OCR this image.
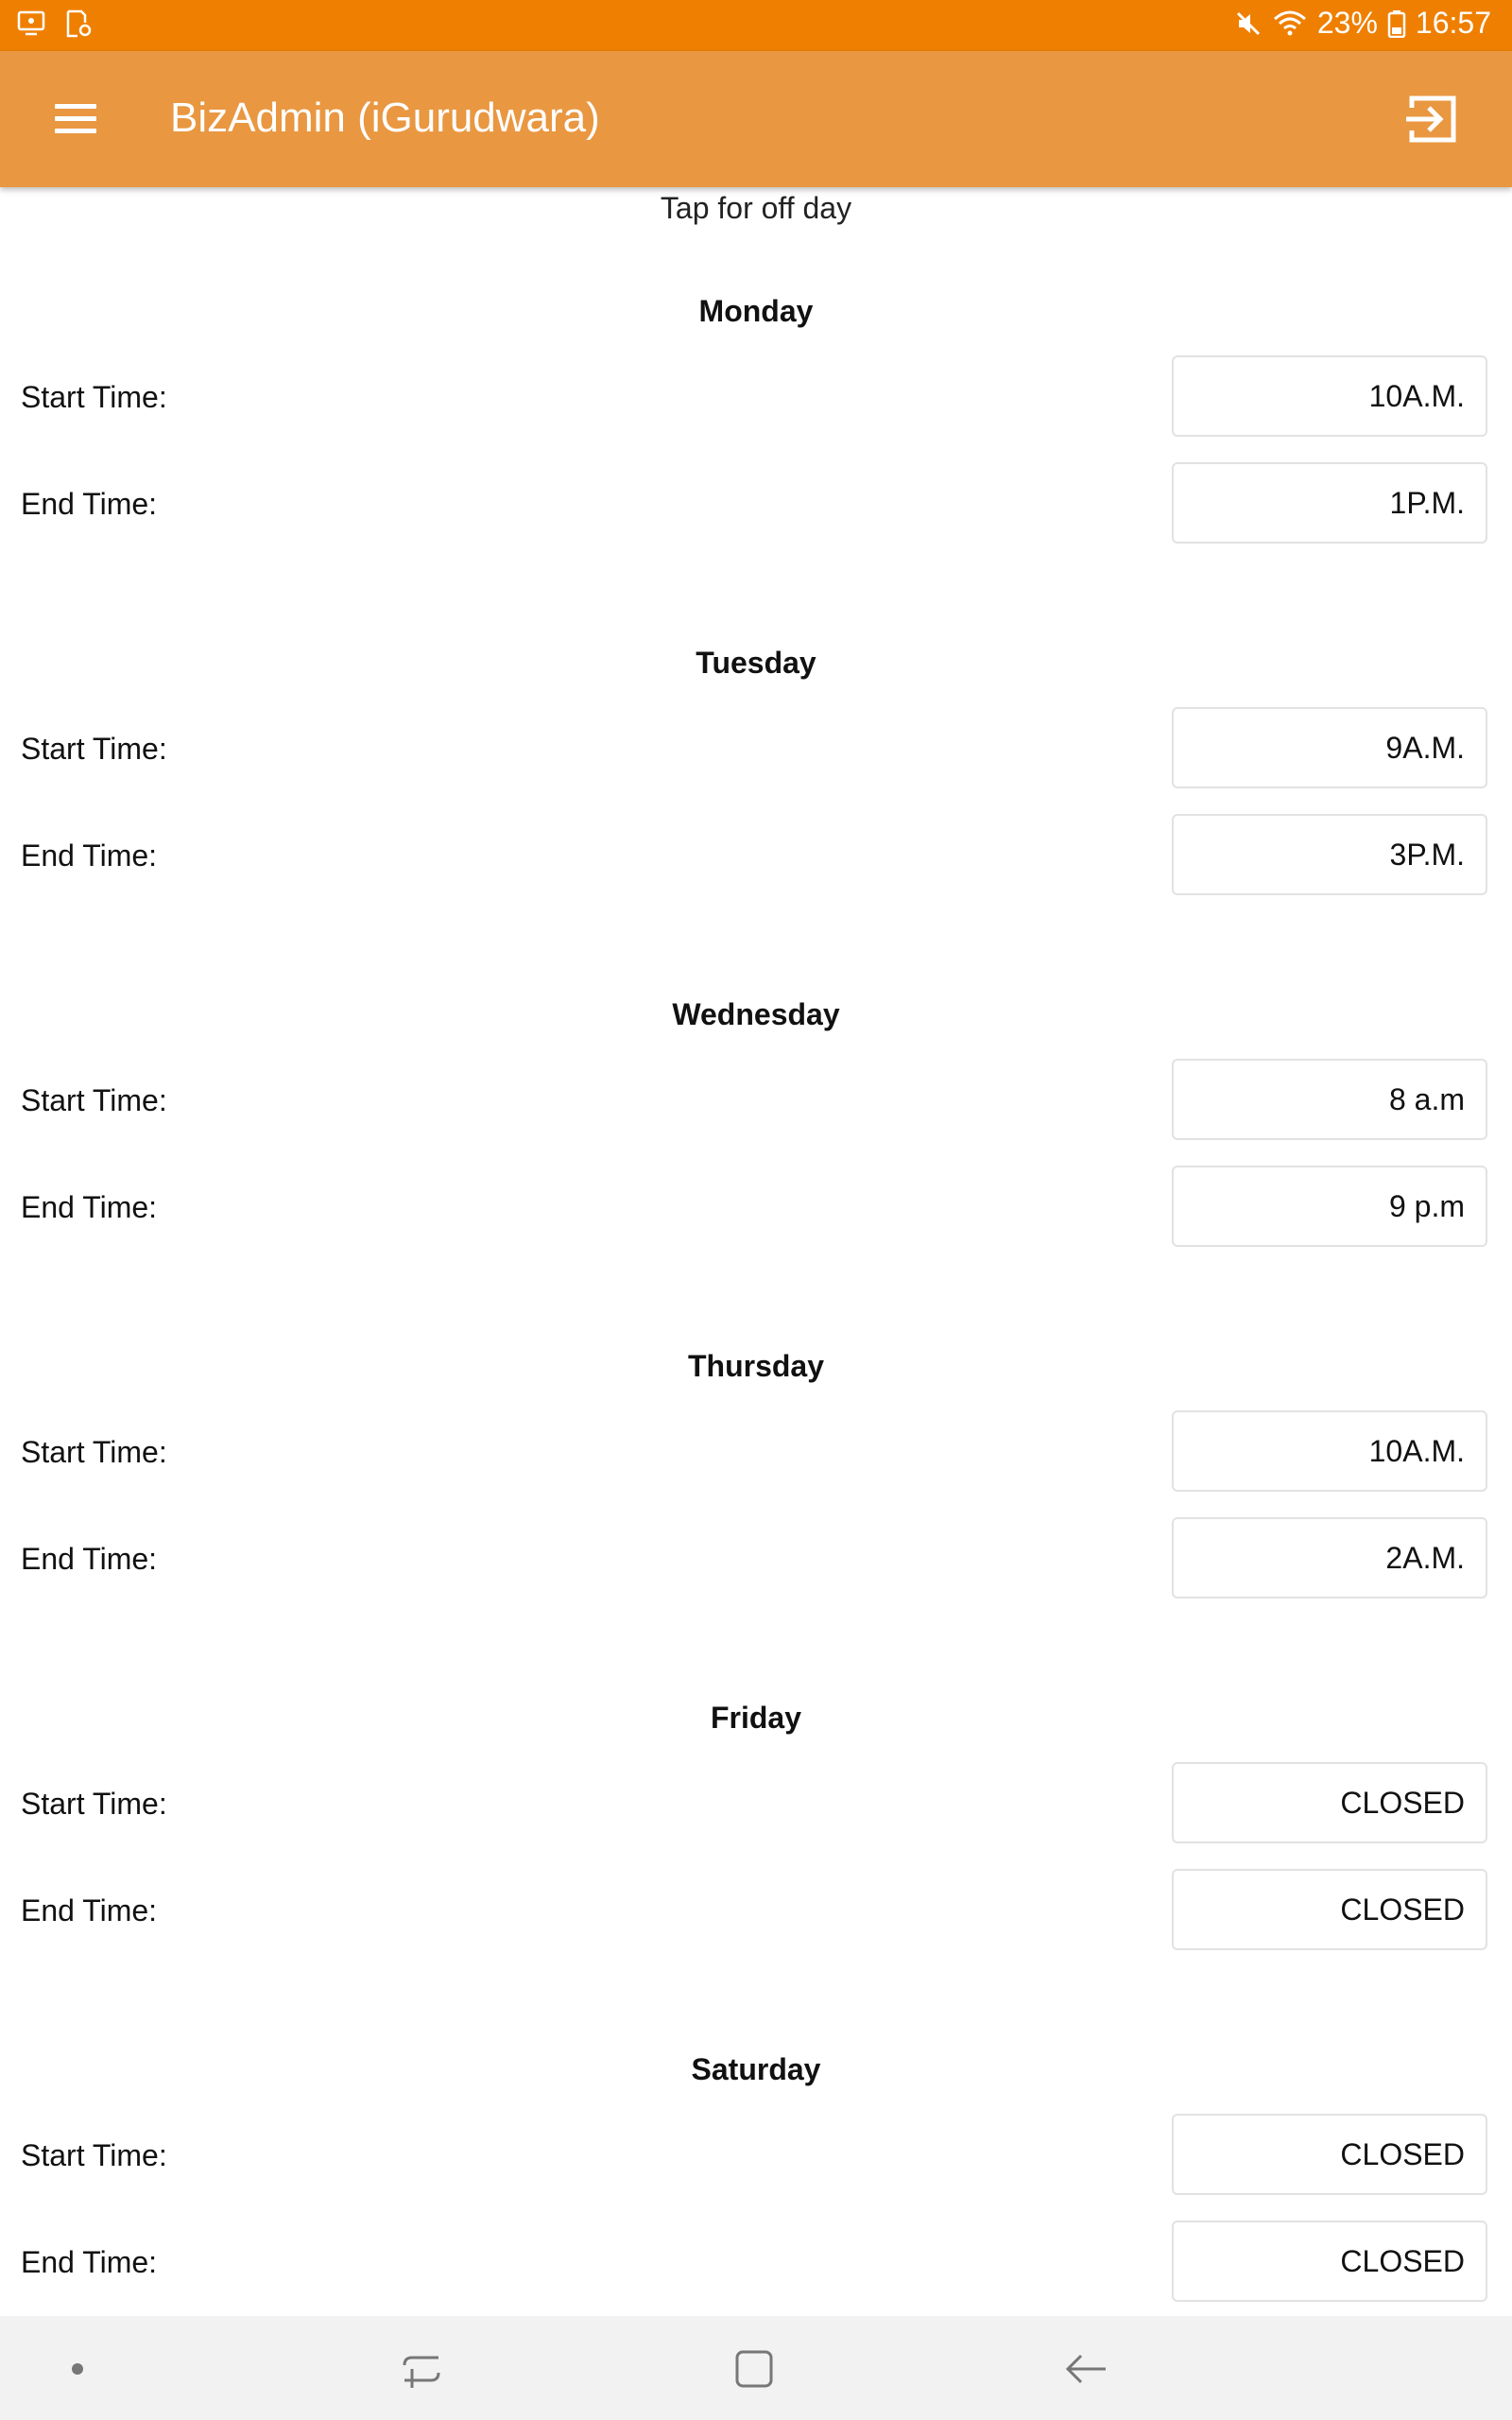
23% 16:57
BizAdmin (iGurudwara)
Tap for off day
Monday
Start Time:	10A.M.
End Time:	1P.M.
Tuesday
Start Time:	9A.M.
End Time:	3P.M.
Wednesday
Start Time:	8 a.m
End Time:	9 p.m
Thursday
Start Time:	10A.M.
End Time:	2A.M.
Friday
Start Time:	CLOSED
End Time:	CLOSED
Saturday
Start Time:	CLOSED
End Time:	CLOSED
